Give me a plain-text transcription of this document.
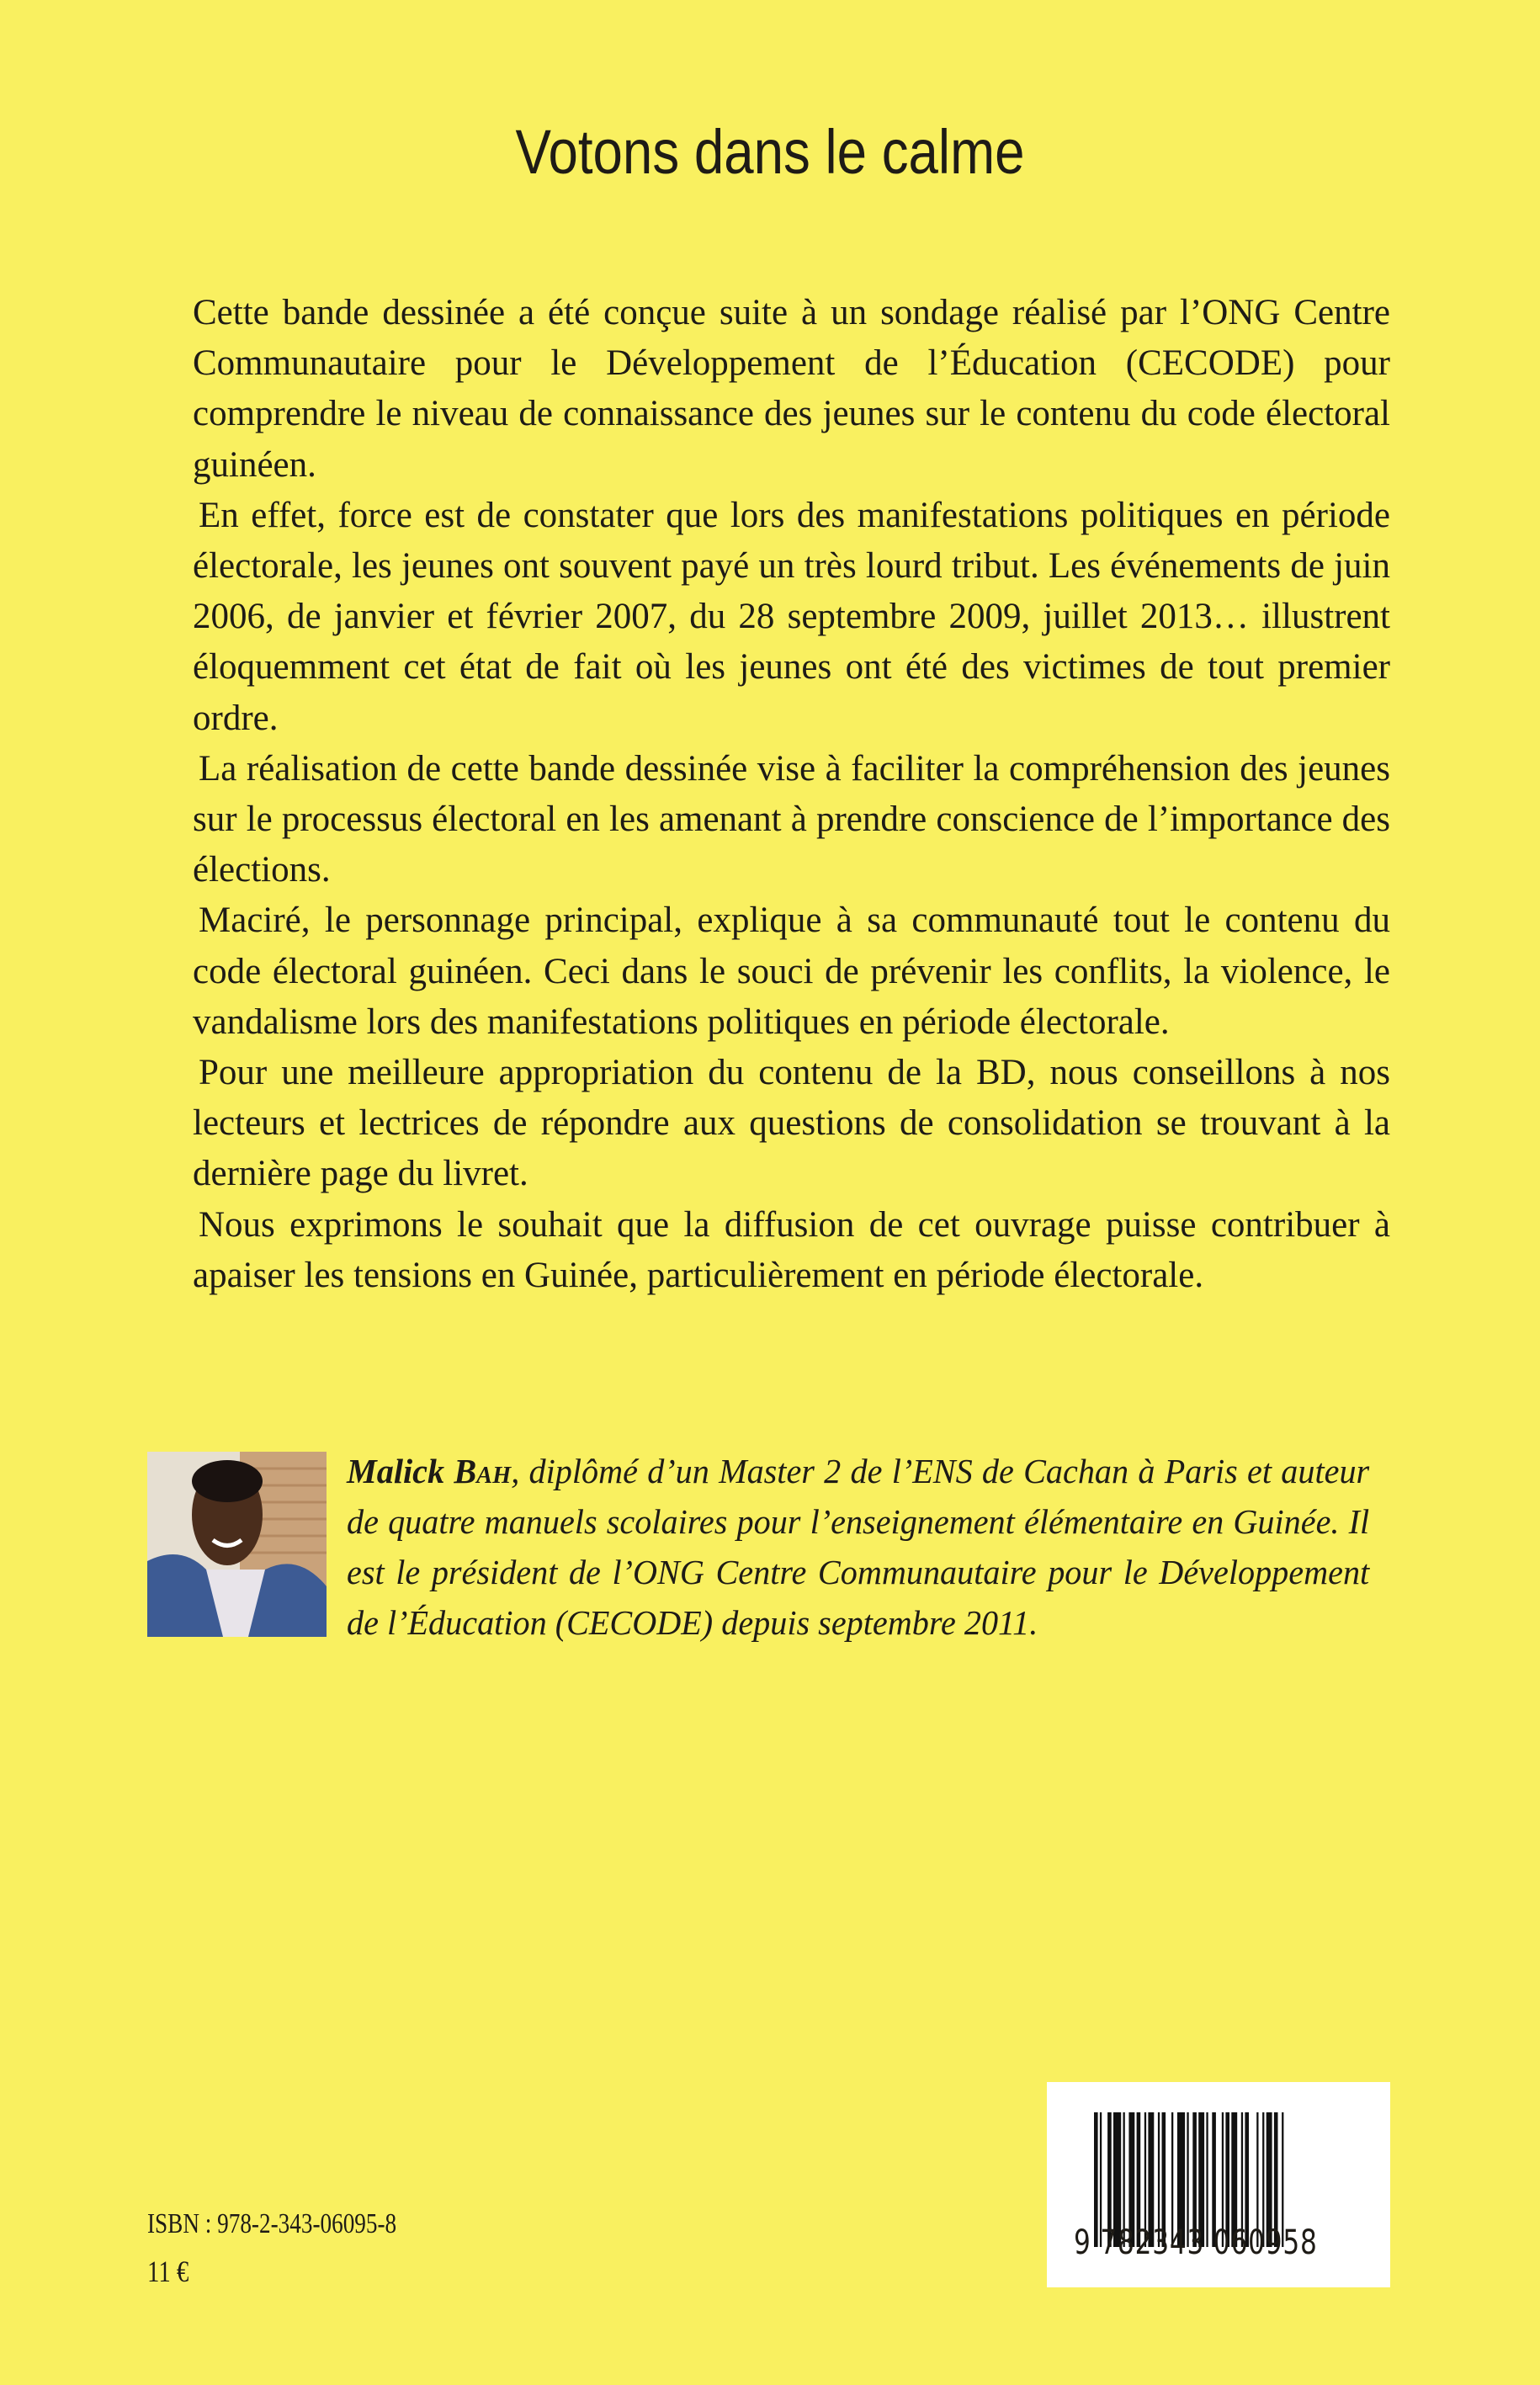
Votons dans le calme

Cette bande dessinée a été conçue suite à un sondage réalisé par l’ONG Centre Communautaire pour le Développement de l’Éducation (CECODE) pour comprendre le niveau de connaissance des jeunes sur le contenu du code électoral guinéen.

En effet, force est de constater que lors des manifestations politiques en période électorale, les jeunes ont souvent payé un très lourd tribut. Les événements de juin 2006, de janvier et février 2007, du 28 septembre 2009, juillet 2013… illustrent éloquemment cet état de fait où les jeunes ont été des victimes de tout premier ordre.

La réalisation de cette bande dessinée vise à faciliter la compréhension des jeunes sur le processus électoral en les amenant à prendre conscience de l’importance des élections.

Maciré, le personnage principal, explique à sa communauté tout le contenu du code électoral guinéen. Ceci dans le souci de prévenir les conflits, la violence, le vandalisme lors des manifestations politiques en période électorale.

Pour une meilleure appropriation du contenu de la BD, nous conseillons à nos lecteurs et lectrices de répondre aux questions de consolidation se trouvant à la dernière page du livret.

Nous exprimons le souhait que la diffusion de cet ouvrage puisse contribuer à apaiser les tensions en Guinée, particulièrement en période électorale.

Malick Bah, diplômé d’un Master 2 de l’ENS de Cachan à Paris et auteur de quatre manuels scolaires pour l’enseignement élémentaire en Guinée. Il est le président de l’ONG Centre Communautaire pour le Développement de l’Éducation (CECODE) depuis septembre 2011.
ISBN : 978-2-343-06095-8
11 €
9 782343 060958
